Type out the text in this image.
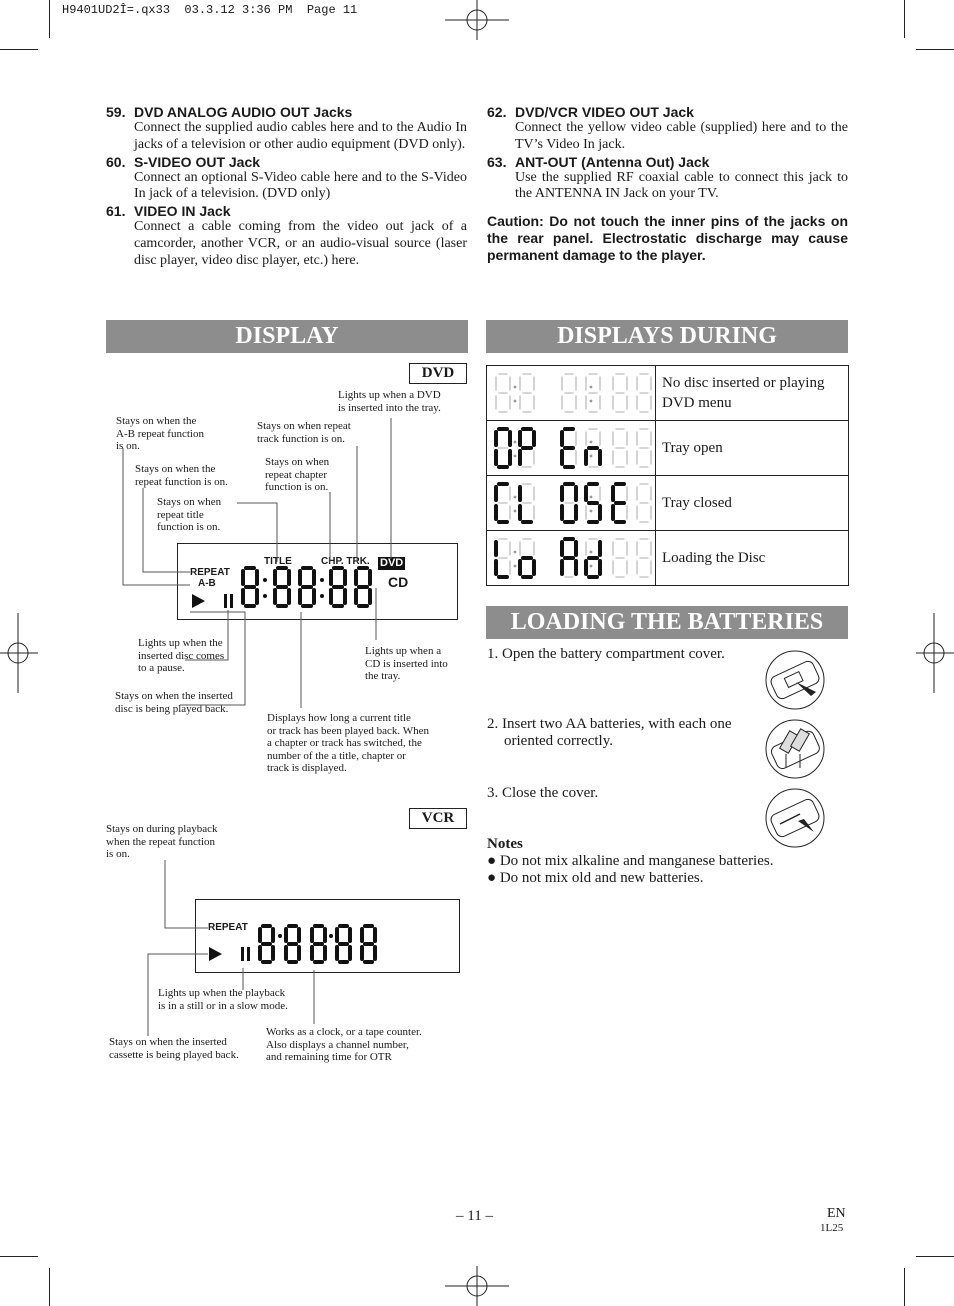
H9401UD2Î=.qx33  03.3.12 3:36 PM  Page 11
59. DVD ANALOG AUDIO OUT Jacks
Connect the supplied audio cables here and to the Audio In jacks of a television or other audio equipment (DVD only).
60. S-VIDEO OUT Jack
Connect an optional S-Video cable here and to the S-Video In jack of a television. (DVD only)
61. VIDEO IN Jack
Connect a cable coming from the video out jack of a camcorder, another VCR, or an audio-visual source (laser disc player, video disc player, etc.) here.
62. DVD/VCR VIDEO OUT Jack
Connect the yellow video cable (supplied) here and to the TV’s Video In jack.
63. ANT-OUT (Antenna Out) Jack
Use the supplied RF coaxial cable to connect this jack to the ANTENNA IN Jack on your TV.
Caution: Do not touch the inner pins of the jacks on the rear panel. Electrostatic discharge may cause permanent damage to the player.
DISPLAY
DVD
Stays on when the
A-B repeat function
is on.
Lights up when a DVD
is inserted into the tray.
Stays on when repeat
track function is on.
Stays on when the
repeat function is on.
Stays on when
repeat chapter
function is on.
Stays on when
repeat title
function is on.
REPEAT
A-B
TITLE	CHP. TRK. DVD
CD
Lights up when the
inserted disc comes
to a pause.
Lights up when a
CD is inserted into
the tray.
Stays on when the inserted
disc is being played back.
Displays how long a current title
or track has been played back. When
a chapter or track has switched, the
number of the a title, chapter or
track is displayed.
VCR
Stays on during playback
when the repeat function
is on.
REPEAT
Lights up when the playback
is in a still or in a slow mode.
Stays on when the inserted
cassette is being played back.
Works as a clock, or a tape counter.
Also displays a channel number,
and remaining time for OTR
DISPLAYS DURING OPERATION
	No disc inserted or playing DVD menu

	Tray open

	Tray closed

	Loading the Disc
LOADING THE BATTERIES
1. Open the battery compartment cover.
2. Insert two AA batteries, with each one oriented correctly.
3. Close the cover.
Notes
● Do not mix alkaline and manganese batteries.
● Do not mix old and new batteries.
– 11 –	EN
1L25
